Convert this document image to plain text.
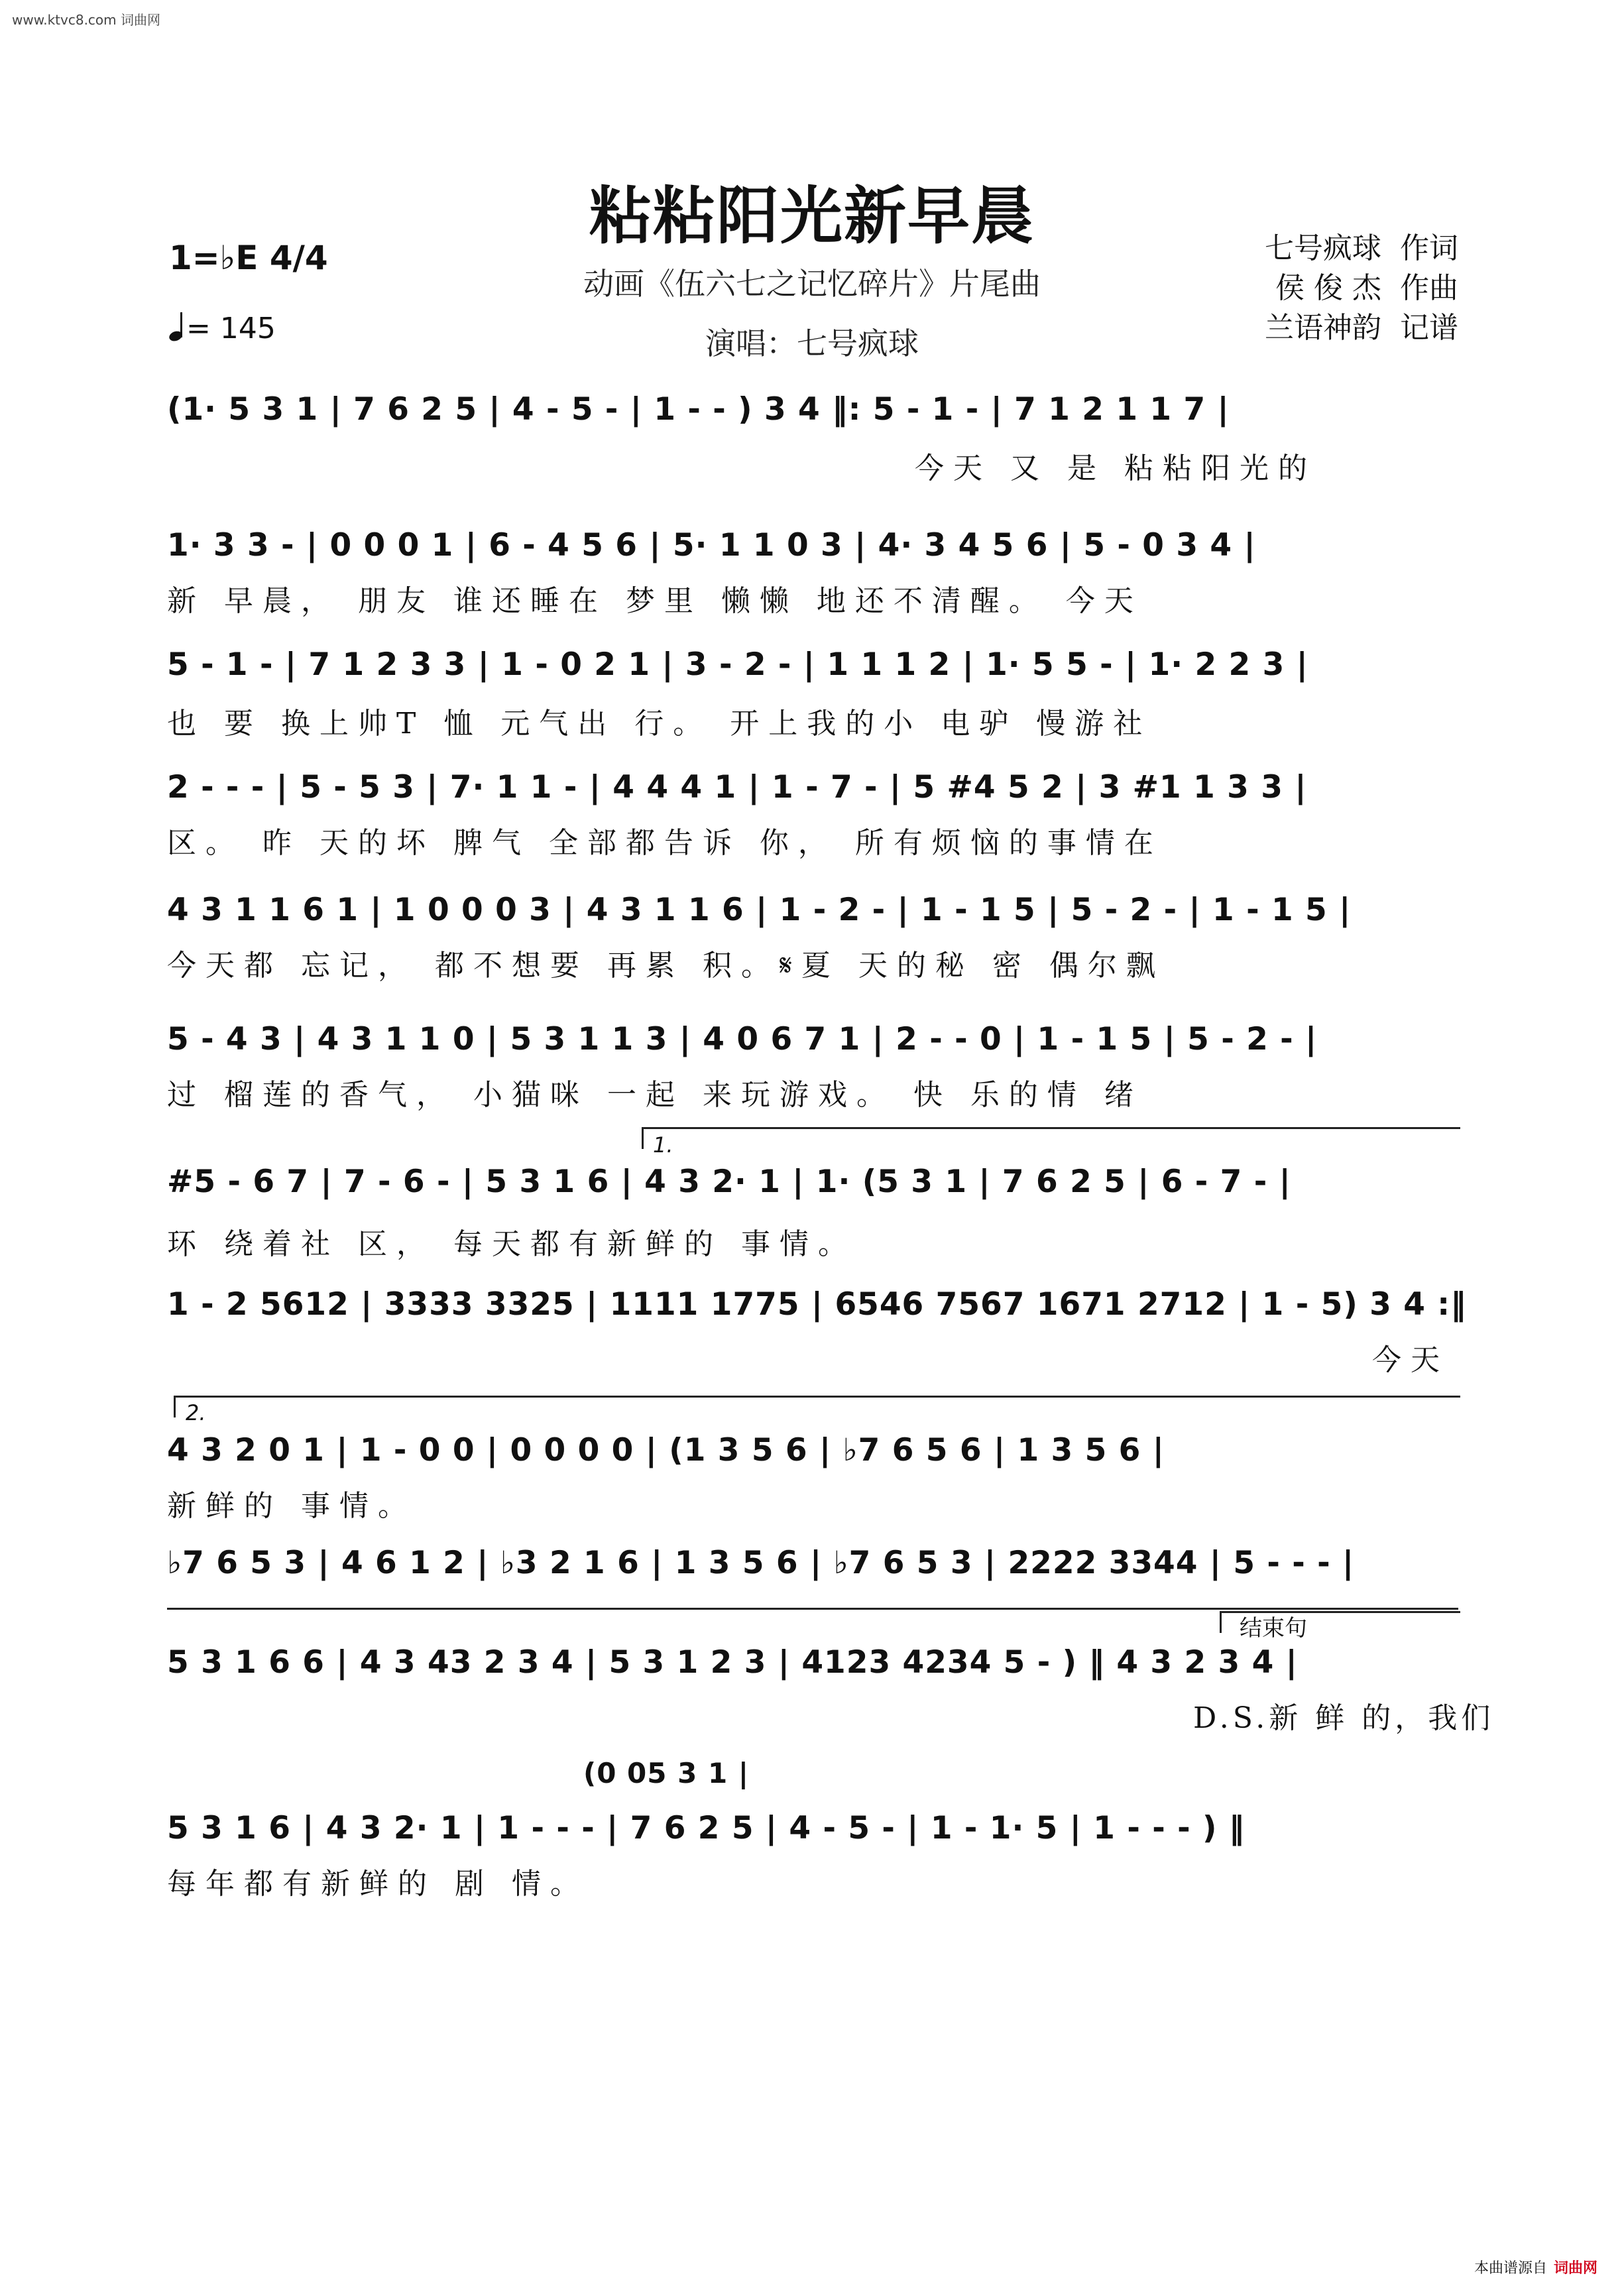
www.ktvc8.com 词曲网
粘粘阳光新早晨
动画《伍六七之记忆碎片》片尾曲
演唱：七号疯球
1=♭E 4/4
= 145
七号疯球  作词
侯 俊 杰  作曲
兰语神韵  记谱
(1· 5 3 1 | 7 6 2 5 | 4 - 5 - | 1 - - ) 3 4 ‖: 5 - 1 - | 7 1 2 1 1 7 |
今天 又 是 粘粘阳光的
1· 3 3 - | 0 0 0 1 | 6 - 4 5 6 | 5· 1 1 0 3 | 4· 3 4 5 6 | 5 - 0 3 4 |
新 早晨， 朋友 谁还睡在 梦里 懒懒 地还不清醒。 今天
5 - 1 - | 7 1 2 3 3 | 1 - 0 2 1 | 3 - 2 - | 1 1 1 2 | 1· 5 5 - | 1· 2 2 3 |
也 要 换上帅T 恤 元气出 行。 开上我的小 电驴 慢游社
2 - - - | 5 - 5 3 | 7· 1 1 - | 4 4 4 1 | 1 - 7 - | 5 #4 5 2 | 3 #1 1 3 3 |
区。 昨 天的坏 脾气 全部都告诉 你， 所有烦恼的事情在
4 3 1 1 6 1 | 1 0 0 0 3 | 4 3 1 1 6 | 1 - 2 - | 1 - 1 5 | 5 - 2 - | 1 - 1 5 |
今天都 忘记， 都不想要 再累 积。𝄋夏 天的秘 密 偶尔飘
5 - 4 3 | 4 3 1 1 0 | 5 3 1 1 3 | 4 0 6 7 1 | 2 - - 0 | 1 - 1 5 | 5 - 2 - |
过 榴莲的香气， 小猫咪 一起 来玩游戏。 快 乐的情 绪
1.
#5 - 6 7 | 7 - 6 - | 5 3 1 6 | 4 3 2· 1 | 1· (5 3 1 | 7 6 2 5 | 6 - 7 - |
环 绕着社 区， 每天都有新鲜的 事情。
1 - 2 5612 | 3333 3325 | 1111 1775 | 6546 7567 1671 2712 | 1 - 5) 3 4 :‖
今天
2.
4 3 2 0 1 | 1 - 0 0 | 0 0 0 0 | (1 3 5 6 | ♭7 6 5 6 | 1 3 5 6 |
新鲜的 事情。
♭7 6 5 3 | 4 6 1 2 | ♭3 2 1 6 | 1 3 5 6 | ♭7 6 5 3 | 2222 3344 | 5 - - - |
结束句
5 3 1 6 6 | 4 3 43 2 3 4 | 5 3 1 2 3 | 4123 4234 5 - ) ‖ 4 3 2 3 4 |
D.S.新 鲜 的，我们
(0 05 3 1 |
5 3 1 6 | 4 3 2· 1 | 1 - - - | 7 6 2 5 | 4 - 5 - | 1 - 1· 5 | 1 - - - ) ‖
每年都有新鲜的 剧 情。
本曲谱源自 词曲网
